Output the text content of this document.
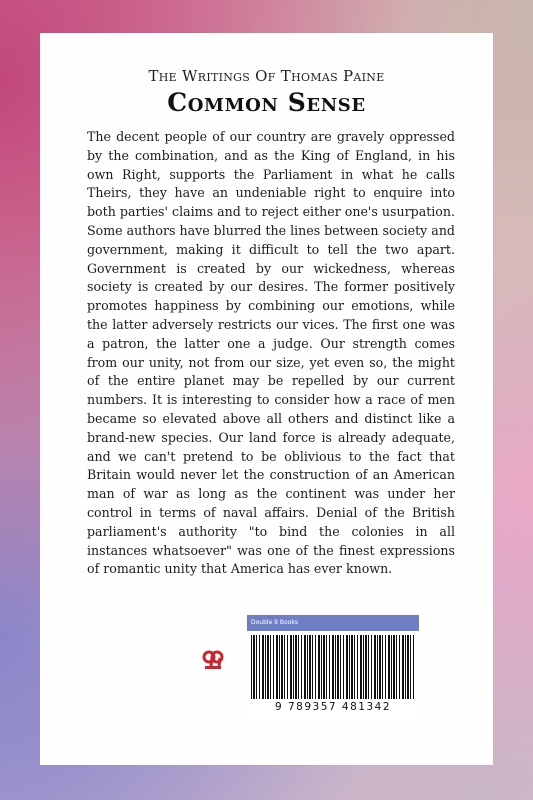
The Writings Of Thomas Paine
Common Sense

The decent people of our country are gravely oppressed by the combination, and as the King of England, in his own Right, supports the Parliament in what he calls Theirs, they have an undeniable right to enquire into both parties' claims and to reject either one's usurpation. Some authors have blurred the lines between society and government, making it difficult to tell the two apart. Government is created by our wickedness, whereas society is created by our desires. The former positively promotes happiness by combining our emotions, while the latter adversely restricts our vices. The first one was a patron, the latter one a judge. Our strength comes from our unity, not from our size, yet even so, the might of the entire planet may be repelled by our current numbers. It is interesting to consider how a race of men became so elevated above all others and distinct like a brand-new species. Our land force is already adequate, and we can't pretend to be oblivious to the fact that Britain would never let the construction of an American man of war as long as the continent was under her control in terms of naval affairs. Denial of the British parliament's authority "to bind the colonies in all instances whatsoever" was one of the finest expressions of romantic unity that America has ever known.

Double 9 Books
9 789357 481342
